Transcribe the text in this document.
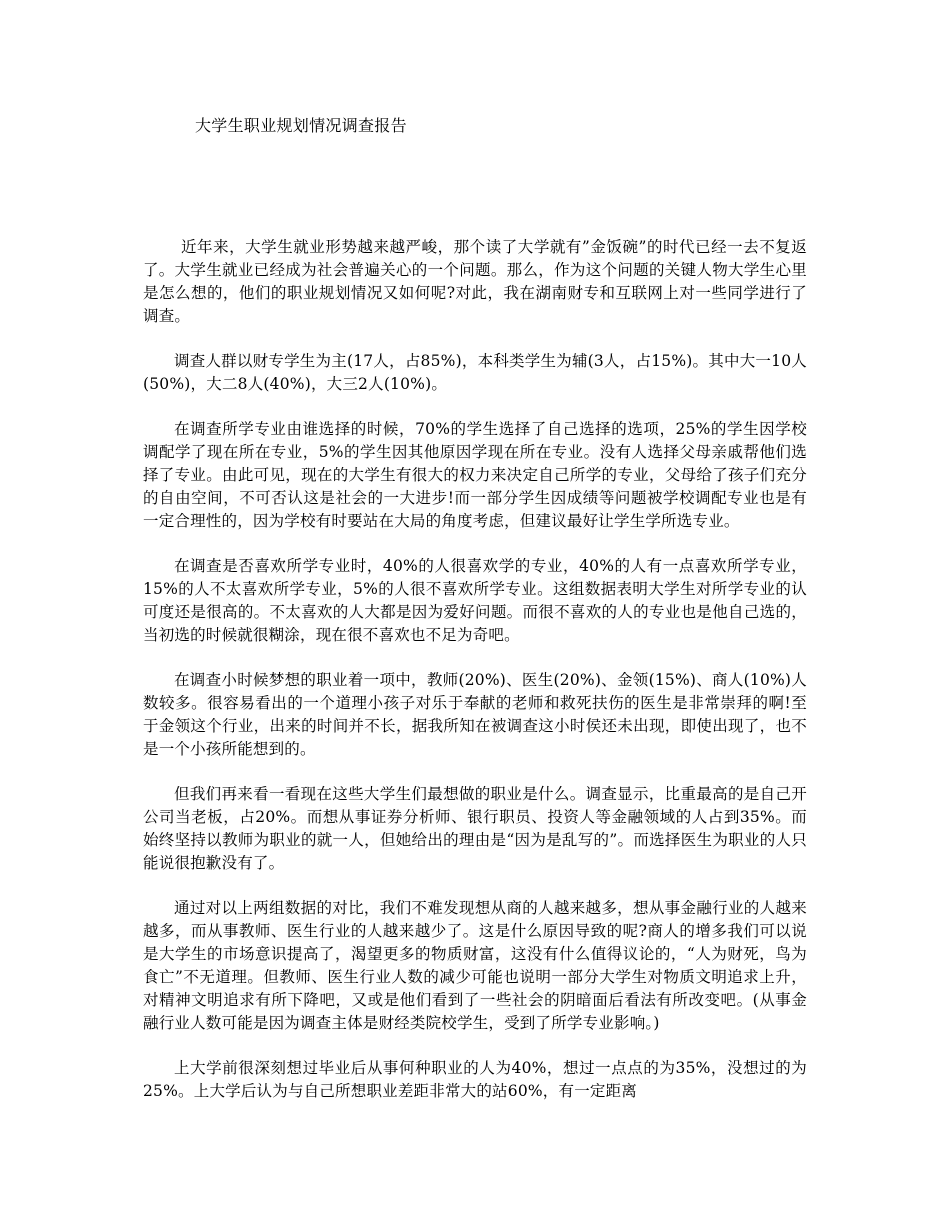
大学生职业规划情况调查报告

近年来，大学生就业形势越来越严峻，那个读了大学就有”金饭碗”的时代已经一去不复返了。大学生就业已经成为社会普遍关心的一个问题。那么，作为这个问题的关键人物大学生心里是怎么想的，他们的职业规划情况又如何呢?对此，我在湖南财专和互联网上对一些同学进行了调查。

调查人群以财专学生为主(17人，占85%)，本科类学生为辅(3人，占15%)。其中大一10人(50%)，大二8人(40%)，大三2人(10%)。

在调查所学专业由谁选择的时候，70%的学生选择了自己选择的选项，25%的学生因学校调配学了现在所在专业，5%的学生因其他原因学现在所在专业。没有人选择父母亲戚帮他们选择了专业。由此可见，现在的大学生有很大的权力来决定自己所学的专业，父母给了孩子们充分的自由空间，不可否认这是社会的一大进步!而一部分学生因成绩等问题被学校调配专业也是有一定合理性的，因为学校有时要站在大局的角度考虑，但建议最好让学生学所选专业。

在调查是否喜欢所学专业时，40%的人很喜欢学的专业，40%的人有一点喜欢所学专业，15%的人不太喜欢所学专业，5%的人很不喜欢所学专业。这组数据表明大学生对所学专业的认可度还是很高的。不太喜欢的人大都是因为爱好问题。而很不喜欢的人的专业也是他自己选的，当初选的时候就很糊涂，现在很不喜欢也不足为奇吧。

在调查小时候梦想的职业着一项中，教师(20%)、医生(20%)、金领(15%)、商人(10%)人数较多。很容易看出的一个道理小孩子对乐于奉献的老师和救死扶伤的医生是非常崇拜的啊!至于金领这个行业，出来的时间并不长，据我所知在被调查这小时侯还未出现，即使出现了，也不是一个小孩所能想到的。

但我们再来看一看现在这些大学生们最想做的职业是什么。调查显示，比重最高的是自己开公司当老板，占20%。而想从事证券分析师、银行职员、投资人等金融领域的人占到35%。而始终坚持以教师为职业的就一人，但她给出的理由是“因为是乱写的”。而选择医生为职业的人只能说很抱歉没有了。

通过对以上两组数据的对比，我们不难发现想从商的人越来越多，想从事金融行业的人越来越多，而从事教师、医生行业的人越来越少了。这是什么原因导致的呢?商人的增多我们可以说是大学生的市场意识提高了，渴望更多的物质财富，这没有什么值得议论的，“人为财死，鸟为食亡”不无道理。但教师、医生行业人数的减少可能也说明一部分大学生对物质文明追求上升，对精神文明追求有所下降吧，又或是他们看到了一些社会的阴暗面后看法有所改变吧。(从事金融行业人数可能是因为调查主体是财经类院校学生，受到了所学专业影响。)

上大学前很深刻想过毕业后从事何种职业的人为40%，想过一点点的为35%，没想过的为25%。上大学后认为与自己所想职业差距非常大的站60%，有一定距离
